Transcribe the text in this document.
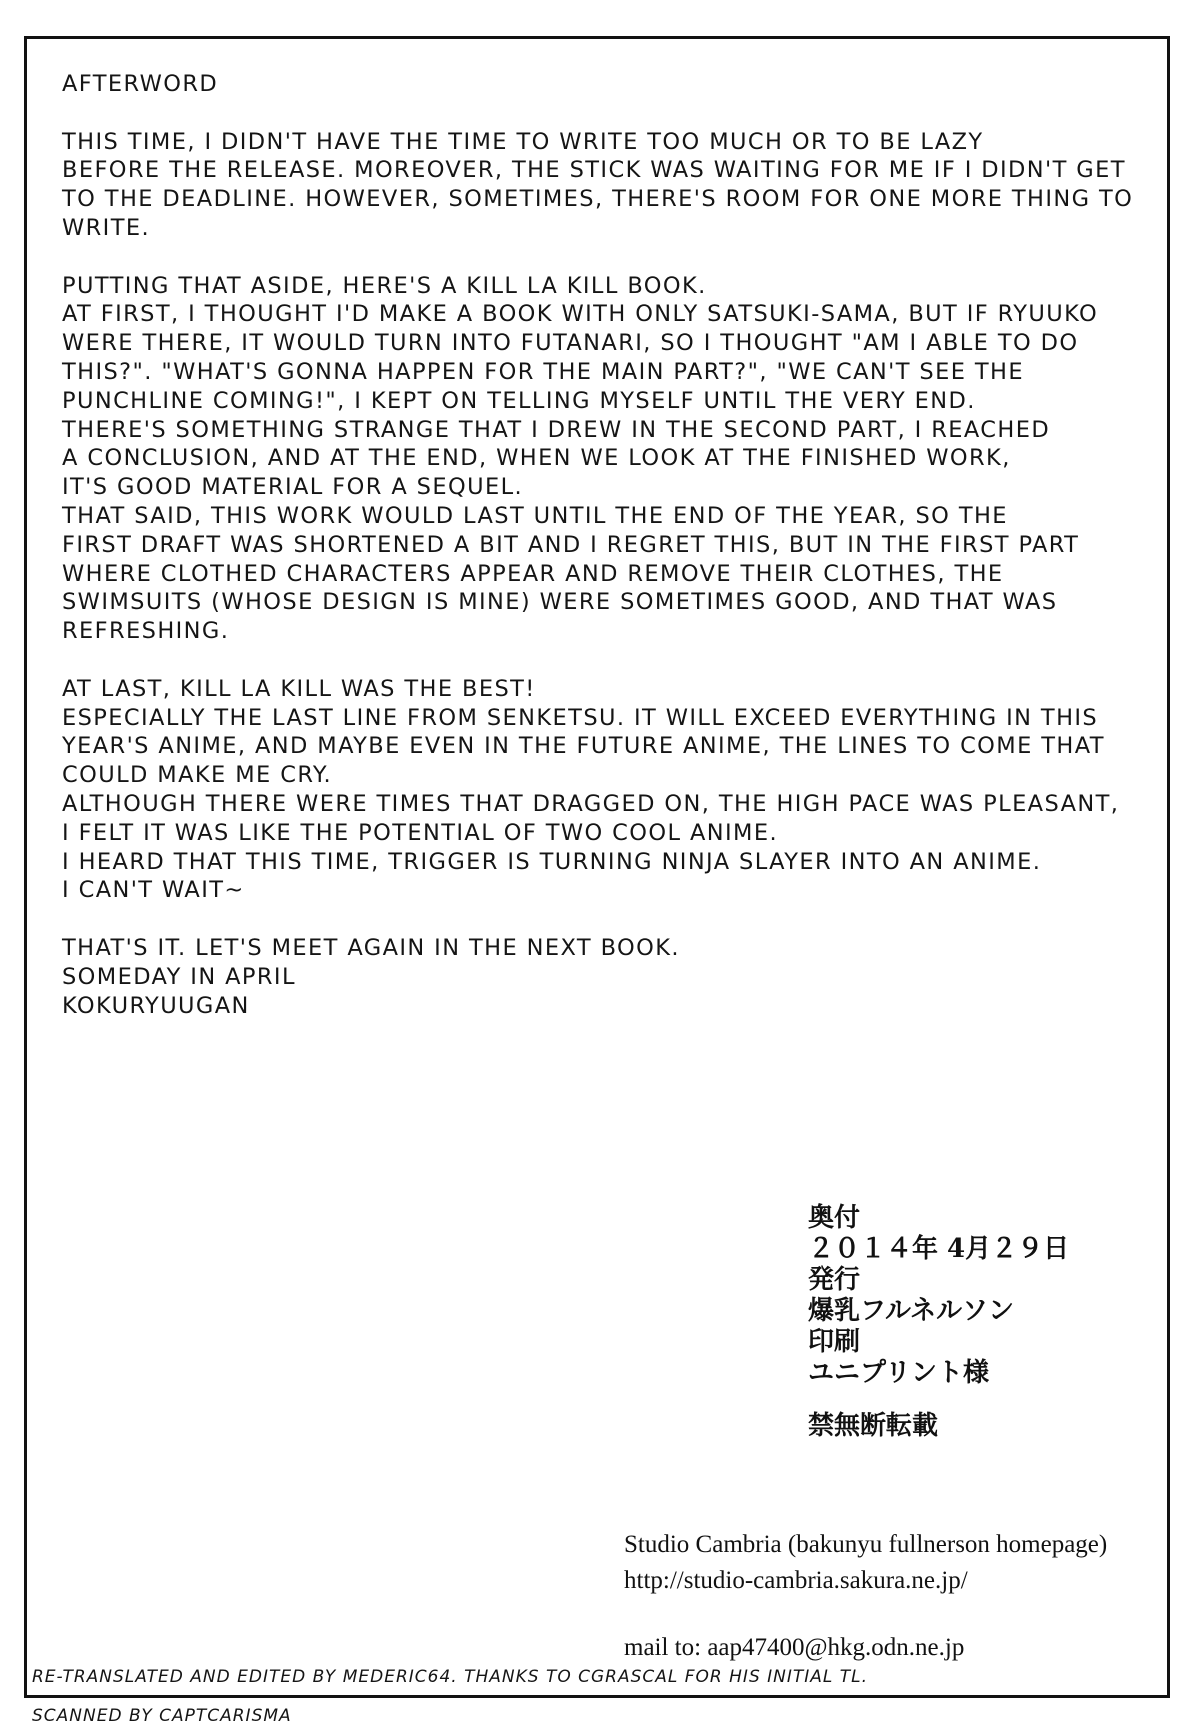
AFTERWORD
THIS TIME, I DIDN'T HAVE THE TIME TO WRITE TOO MUCH OR TO BE LAZY
BEFORE THE RELEASE. MOREOVER, THE STICK WAS WAITING FOR ME IF I DIDN'T GET
TO THE DEADLINE. HOWEVER, SOMETIMES, THERE'S ROOM FOR ONE MORE THING TO
WRITE.
PUTTING THAT ASIDE, HERE'S A KILL LA KILL BOOK.
AT FIRST, I THOUGHT I'D MAKE A BOOK WITH ONLY SATSUKI-SAMA, BUT IF RYUUKO
WERE THERE, IT WOULD TURN INTO FUTANARI, SO I THOUGHT "AM I ABLE TO DO
THIS?". "WHAT'S GONNA HAPPEN FOR THE MAIN PART?", "WE CAN'T SEE THE
PUNCHLINE COMING!", I KEPT ON TELLING MYSELF UNTIL THE VERY END.
THERE'S SOMETHING STRANGE THAT I DREW IN THE SECOND PART, I REACHED
A CONCLUSION, AND AT THE END, WHEN WE LOOK AT THE FINISHED WORK,
IT'S GOOD MATERIAL FOR A SEQUEL.
THAT SAID, THIS WORK WOULD LAST UNTIL THE END OF THE YEAR, SO THE
FIRST DRAFT WAS SHORTENED A BIT AND I REGRET THIS, BUT IN THE FIRST PART
WHERE CLOTHED CHARACTERS APPEAR AND REMOVE THEIR CLOTHES, THE
SWIMSUITS (WHOSE DESIGN IS MINE) WERE SOMETIMES GOOD, AND THAT WAS
REFRESHING.
AT LAST, KILL LA KILL WAS THE BEST!
ESPECIALLY THE LAST LINE FROM SENKETSU. IT WILL EXCEED EVERYTHING IN THIS
YEAR'S ANIME, AND MAYBE EVEN IN THE FUTURE ANIME, THE LINES TO COME THAT
COULD MAKE ME CRY.
ALTHOUGH THERE WERE TIMES THAT DRAGGED ON, THE HIGH PACE WAS PLEASANT,
I FELT IT WAS LIKE THE POTENTIAL OF TWO COOL ANIME.
I HEARD THAT THIS TIME, TRIGGER IS TURNING NINJA SLAYER INTO AN ANIME.
I CAN'T WAIT~
THAT'S IT. LET'S MEET AGAIN IN THE NEXT BOOK.
SOMEDAY IN APRIL
KOKURYUUGAN
奥付
２０１４年 4月２９日
発行
爆乳フルネルソン
印刷
ユニプリント様
禁無断転載
Studio Cambria (bakunyu fullnerson homepage)
http://studio-cambria.sakura.ne.jp/
mail to: aap47400@hkg.odn.ne.jp
RE-TRANSLATED AND EDITED BY MEDERIC64. THANKS TO CGRASCAL FOR HIS INITIAL TL.
SCANNED BY CAPTCARISMA
